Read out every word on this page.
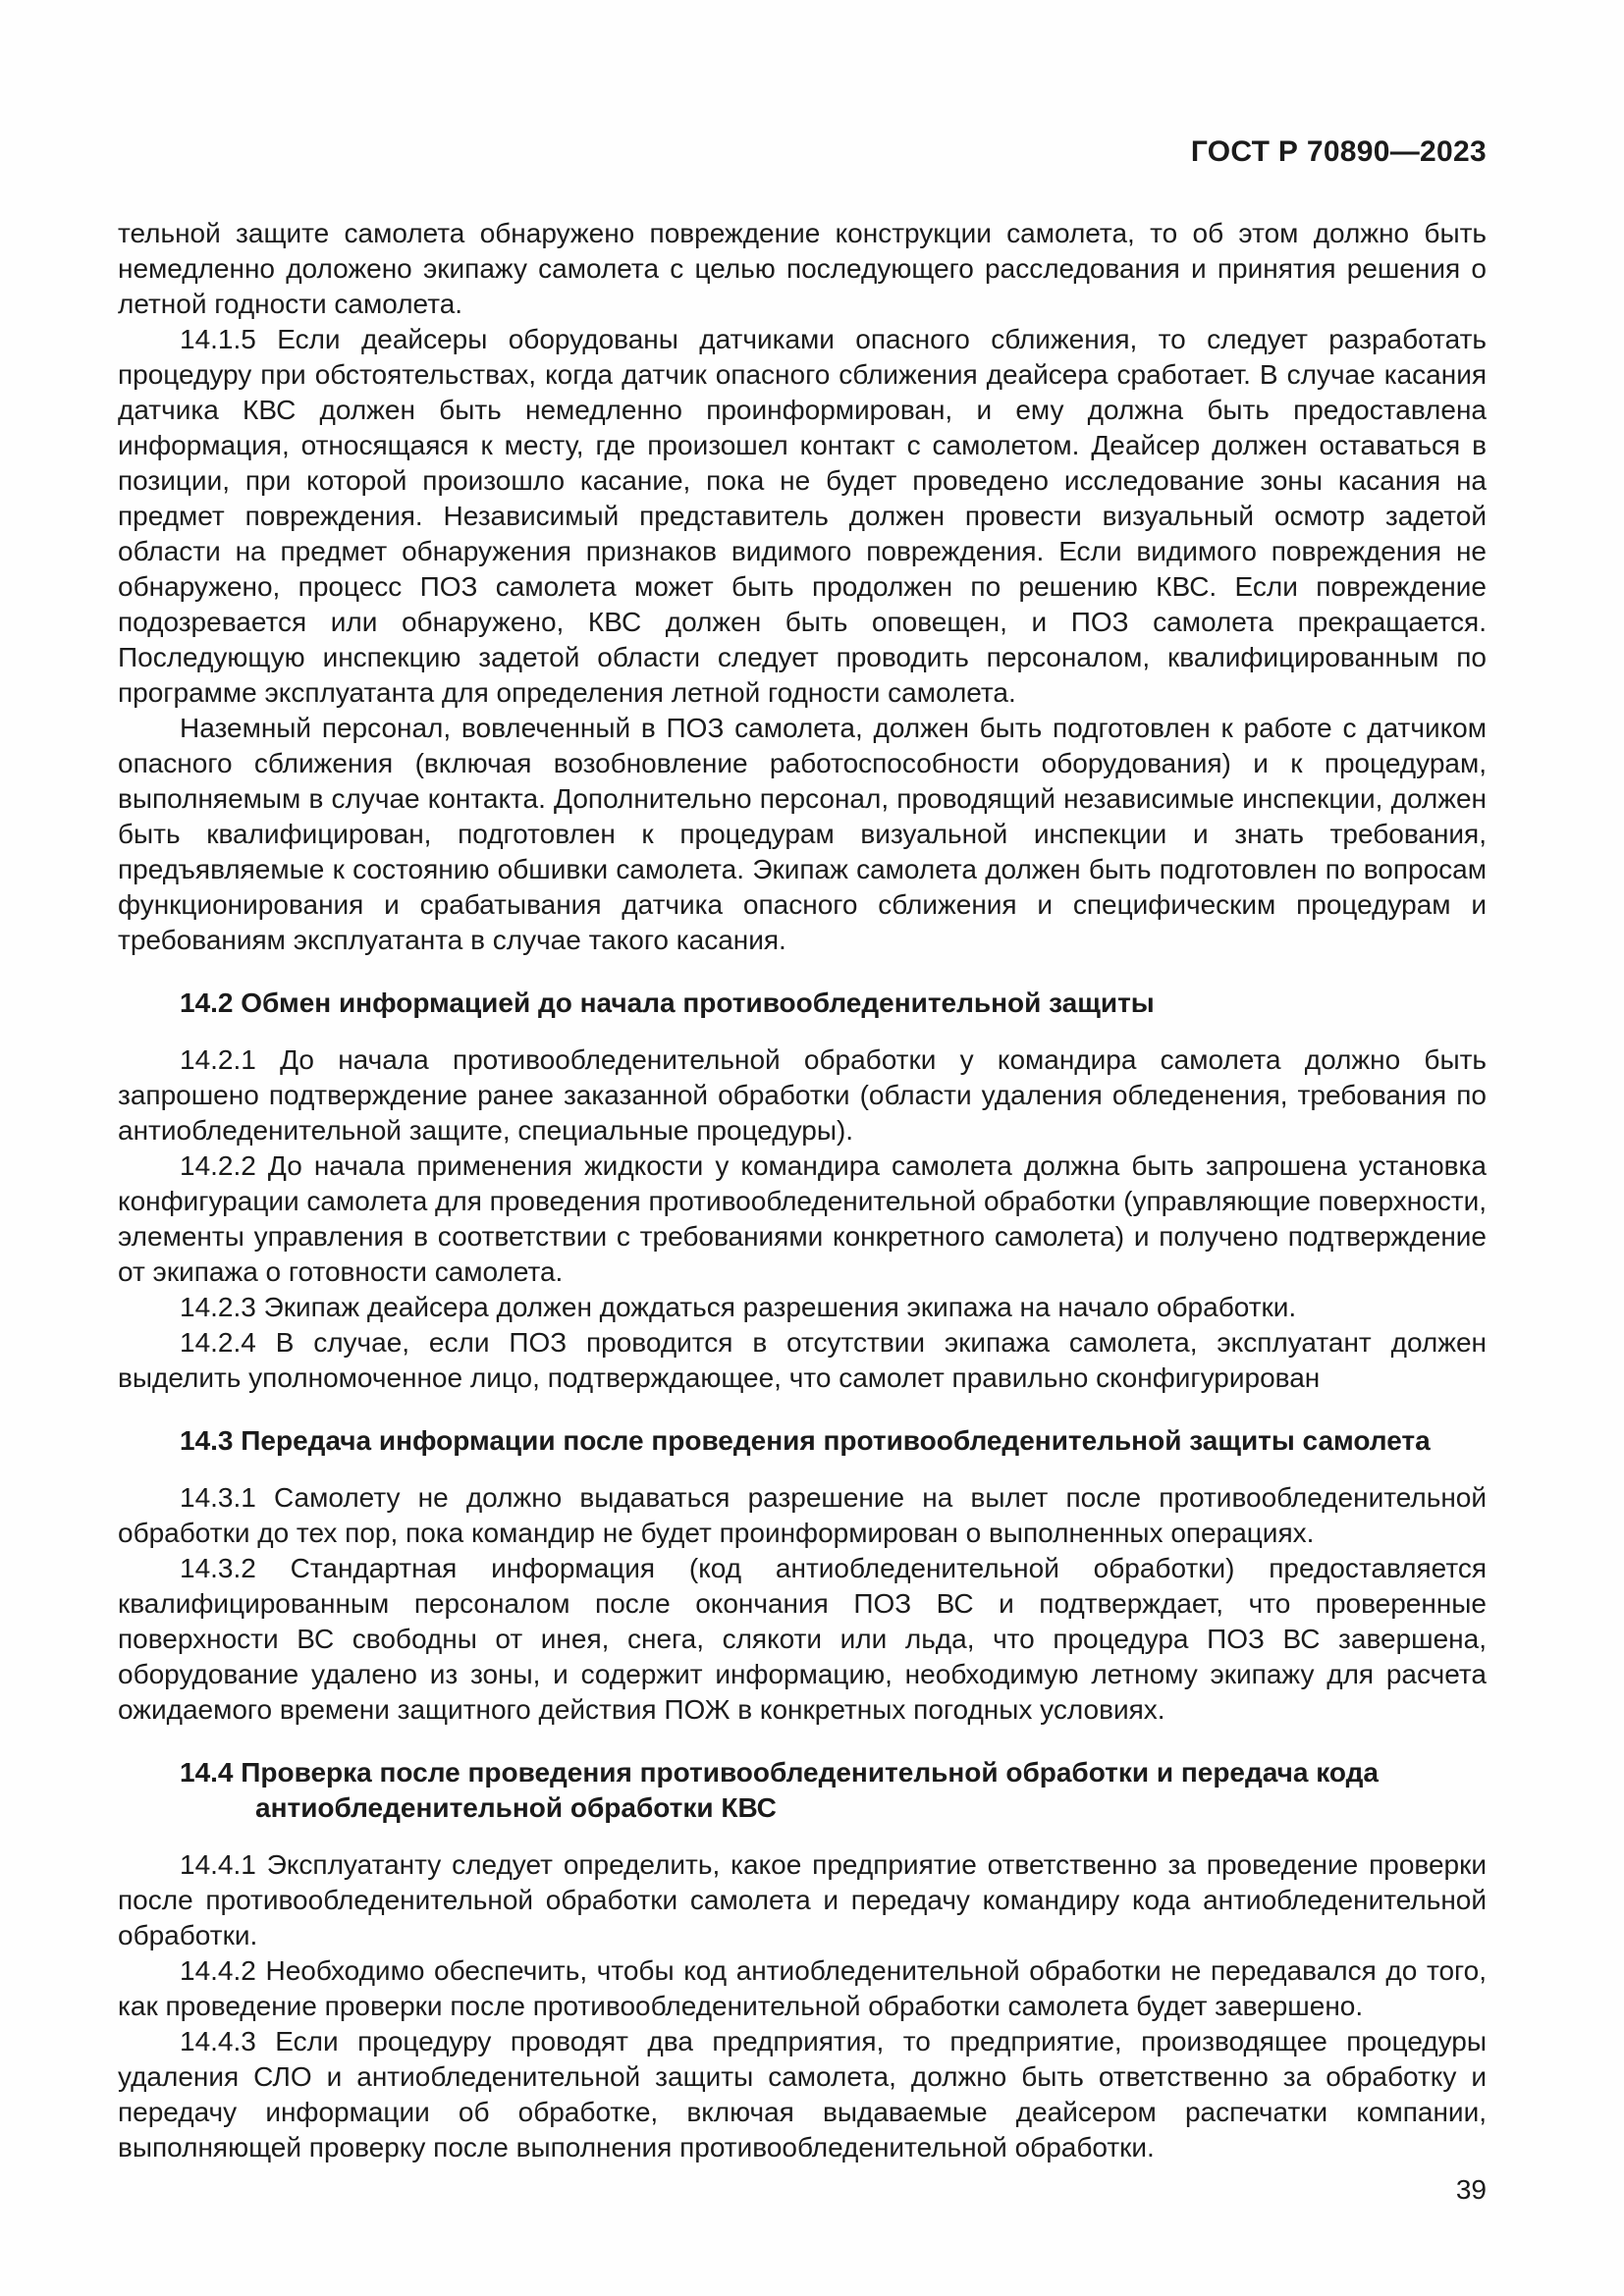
ГОСТ Р 70890—2023

тельной защите самолета обнаружено повреждение конструкции самолета, то об этом должно быть немедленно доложено экипажу самолета с целью последующего расследования и принятия решения о летной годности самолета.

14.1.5 Если деайсеры оборудованы датчиками опасного сближения, то следует разработать процедуру при обстоятельствах, когда датчик опасного сближения деайсера сработает. В случае касания датчика КВС должен быть немедленно проинформирован, и ему должна быть предоставлена информация, относящаяся к месту, где произошел контакт с самолетом. Деайсер должен оставаться в позиции, при которой произошло касание, пока не будет проведено исследование зоны касания на предмет повреждения. Независимый представитель должен провести визуальный осмотр задетой области на предмет обнаружения признаков видимого повреждения. Если видимого повреждения не обнаружено, процесс ПОЗ самолета может быть продолжен по решению КВС. Если повреждение подозревается или обнаружено, КВС должен быть оповещен, и ПОЗ самолета прекращается. Последующую инспекцию задетой области следует проводить персоналом, квалифицированным по программе эксплуатанта для определения летной годности самолета.

Наземный персонал, вовлеченный в ПОЗ самолета, должен быть подготовлен к работе с датчиком опасного сближения (включая возобновление работоспособности оборудования) и к процедурам, выполняемым в случае контакта. Дополнительно персонал, проводящий независимые инспекции, должен быть квалифицирован, подготовлен к процедурам визуальной инспекции и знать требования, предъявляемые к состоянию обшивки самолета. Экипаж самолета должен быть подготовлен по вопросам функционирования и срабатывания датчика опасного сближения и специфическим процедурам и требованиям эксплуатанта в случае такого касания.

14.2 Обмен информацией до начала противообледенительной защиты

14.2.1 До начала противообледенительной обработки у командира самолета должно быть запрошено подтверждение ранее заказанной обработки (области удаления обледенения, требования по антиобледенительной защите, специальные процедуры).

14.2.2 До начала применения жидкости у командира самолета должна быть запрошена установка конфигурации самолета для проведения противообледенительной обработки (управляющие поверхности, элементы управления в соответствии с требованиями конкретного самолета) и получено подтверждение от экипажа о готовности самолета.

14.2.3 Экипаж деайсера должен дождаться разрешения экипажа на начало обработки.

14.2.4 В случае, если ПОЗ проводится в отсутствии экипажа самолета, эксплуатант должен выделить уполномоченное лицо, подтверждающее, что самолет правильно сконфигурирован

14.3 Передача информации после проведения противообледенительной защиты самолета

14.3.1 Самолету не должно выдаваться разрешение на вылет после противообледенительной обработки до тех пор, пока командир не будет проинформирован о выполненных операциях.

14.3.2 Стандартная информация (код антиобледенительной обработки) предоставляется квалифицированным персоналом после окончания ПОЗ ВС и подтверждает, что проверенные поверхности ВС свободны от инея, снега, слякоти или льда, что процедура ПОЗ ВС завершена, оборудование удалено из зоны, и содержит информацию, необходимую летному экипажу для расчета ожидаемого времени защитного действия ПОЖ в конкретных погодных условиях.

14.4 Проверка после проведения противообледенительной обработки и передача кода антиобледенительной обработки КВС

14.4.1 Эксплуатанту следует определить, какое предприятие ответственно за проведение проверки после противообледенительной обработки самолета и передачу командиру кода антиобледенительной обработки.

14.4.2 Необходимо обеспечить, чтобы код антиобледенительной обработки не передавался до того, как проведение проверки после противообледенительной обработки самолета будет завершено.

14.4.3 Если процедуру проводят два предприятия, то предприятие, производящее процедуры удаления СЛО и антиобледенительной защиты самолета, должно быть ответственно за обработку и передачу информации об обработке, включая выдаваемые деайсером распечатки компании, выполняющей проверку после выполнения противообледенительной обработки.

39
